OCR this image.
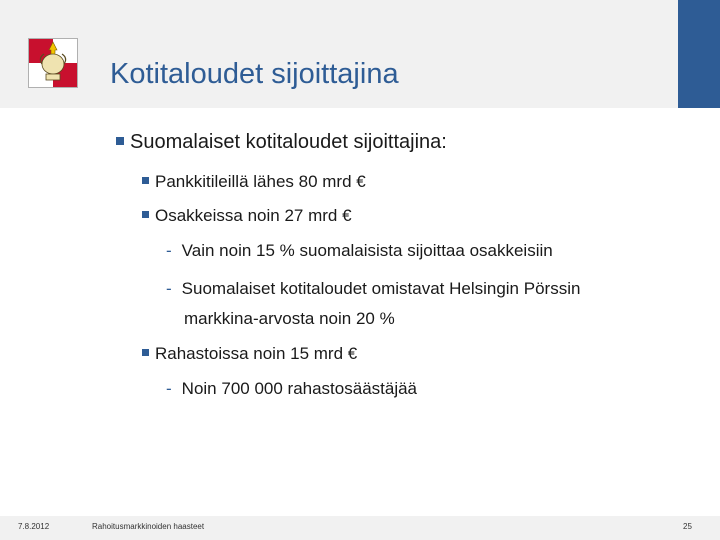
Kotitaloudet sijoittajina
Suomalaiset kotitaloudet sijoittajina:
Pankkitileillä lähes 80 mrd €
Osakkeissa noin 27 mrd €
- Vain noin 15 % suomalaisista sijoittaa osakkeisiin
- Suomalaiset kotitaloudet omistavat Helsingin Pörssin
markkina-arvosta noin 20 %
Rahastoissa noin 15 mrd €
- Noin 700 000 rahastosäästäjää
7.8.2012	Rahoitusmarkkinoiden haasteet	25
